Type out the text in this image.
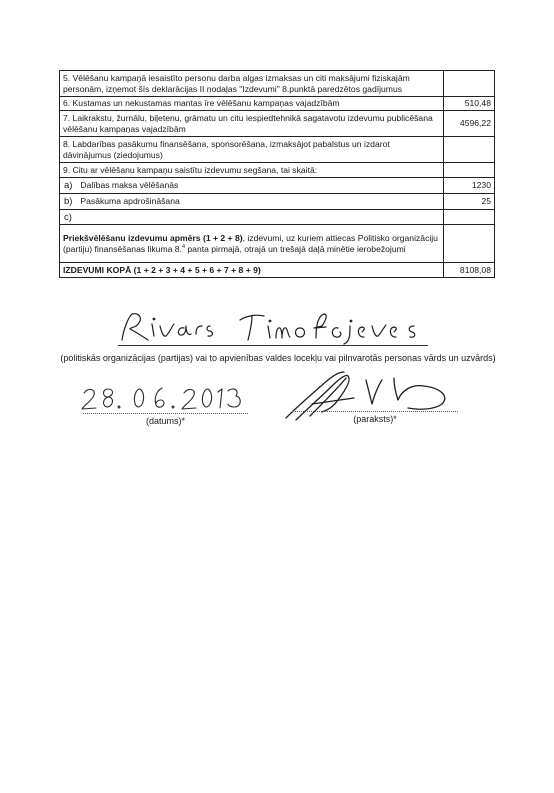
5. Vēlēšanu kampaņā iesaistīto personu darba algas izmaksas un citi maksājumi fiziskajām personām, izņemot šīs deklarācijas II nodaļas "Izdevumi" 8.punktā paredzētos gadījumus	
6. Kustamas un nekustamas mantas īre vēlēšanu kampaņas vajadzībām	510,48
7. Laikrakstu, žurnālu, biļetenu, grāmatu un citu iespiedtehnikā sagatavotu izdevumu publicēšana vēlēšanu kampaņas vajadzībām	4596,22
8. Labdarības pasākumu finansēšana, sponsorēšana, izmaksājot pabalstus un izdarot dāvinājumus (ziedojumus)	
9. Citu ar vēlēšanu kampaņu saistītu izdevumu segšana, tai skaitā:	
a) Dalības maksa vēlēšanās	1230
b) Pasākuma apdrošināšana	25
c)	
Priekšvēlēšanu izdevumu apmērs (1 + 2 + 8), izdevumi, uz kuriem attiecas Politisko organizāciju (partiju) finansēšanas likuma 8.$^4$ panta pirmajā, otrajā un trešajā daļā minētie ierobežojumi	
IZDEVUMI KOPĀ (1 + 2 + 3 + 4 + 5 + 6 + 7 + 8 + 9)	8108,08
(politiskās organizācijas (partijas) vai to apvienības valdes locekļu vai pilnvarotās personas vārds un uzvārds)
(datums)*	(paraksts)*
